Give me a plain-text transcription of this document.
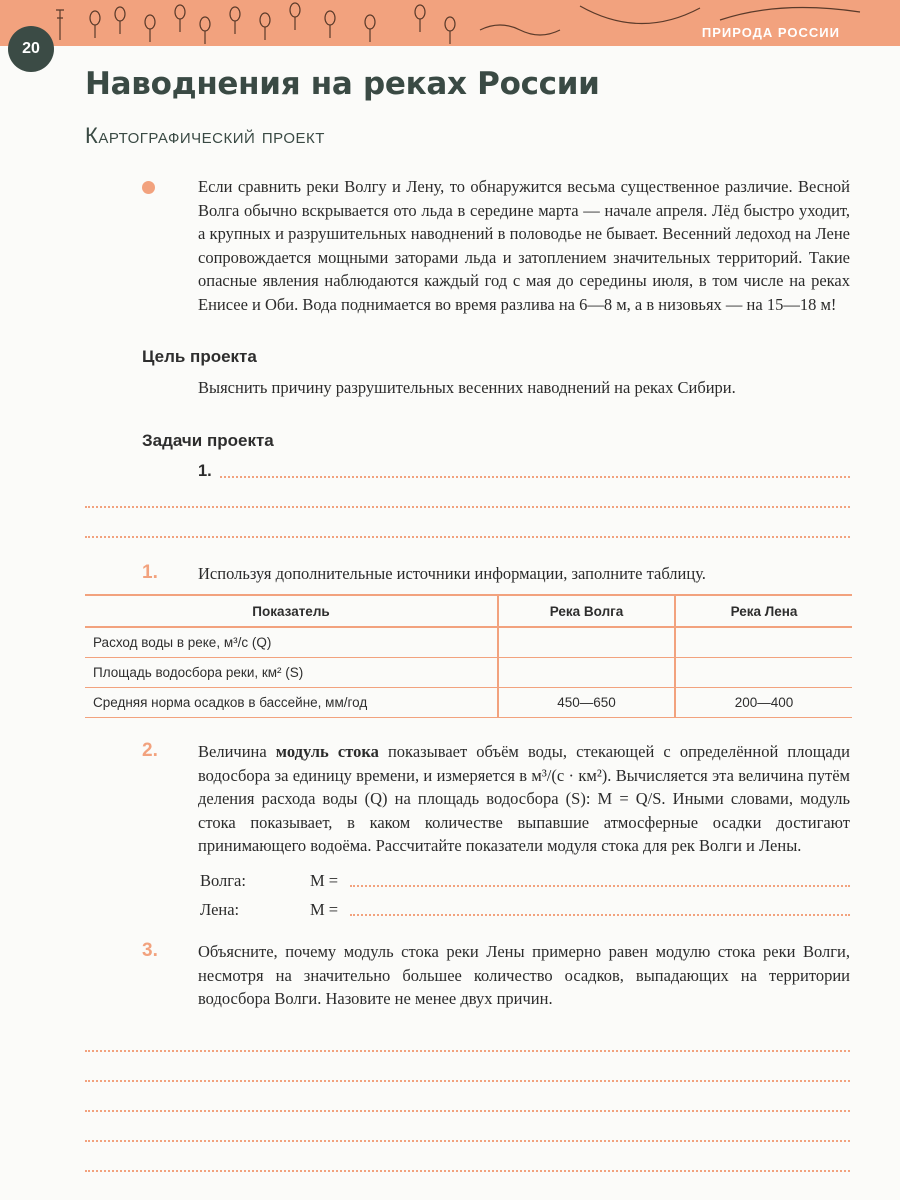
ПРИРОДА РОССИИ
20
Наводнения на реках России
Картографический проект
Если сравнить реки Волгу и Лену, то обнаружится весьма существенное различие. Весной Волга обычно вскрывается ото льда в середине марта — начале апреля. Лёд быстро уходит, а крупных и разрушительных наводнений в половодье не бывает. Весенний ледоход на Лене сопровождается мощными заторами льда и затоплением значительных территорий. Такие опасные явления наблюдаются каждый год с мая до середины июля, в том числе на реках Енисее и Оби. Вода поднимается во время разлива на 6—8 м, а в низовьях — на 15—18 м!
Цель проекта
Выяснить причину разрушительных весенних наводнений на реках Сибири.
Задачи проекта
1.
1. Используя дополнительные источники информации, заполните таблицу.
Показатель	Река Волга	Река Лена
Расход воды в реке, м³/с (Q)		
Площадь водосбора реки, км² (S)		
Средняя норма осадков в бассейне, мм/год	450—650	200—400
2. Величина модуль стока показывает объём воды, стекающей с определённой площади водосбора за единицу времени, и измеряется в м³/(с · км²). Вычисляется эта величина путём деления расхода воды (Q) на площадь водосбора (S): M = Q/S. Иными словами, модуль стока показывает, в каком количестве выпавшие атмосферные осадки достигают принимающего водоёма. Рассчитайте показатели модуля стока для рек Волги и Лены.
Волга:	M =
Лена:	M =
3. Объясните, почему модуль стока реки Лены примерно равен модулю стока реки Волги, несмотря на значительно большее количество осадков, выпадающих на территории водосбора Волги. Назовите не менее двух причин.
